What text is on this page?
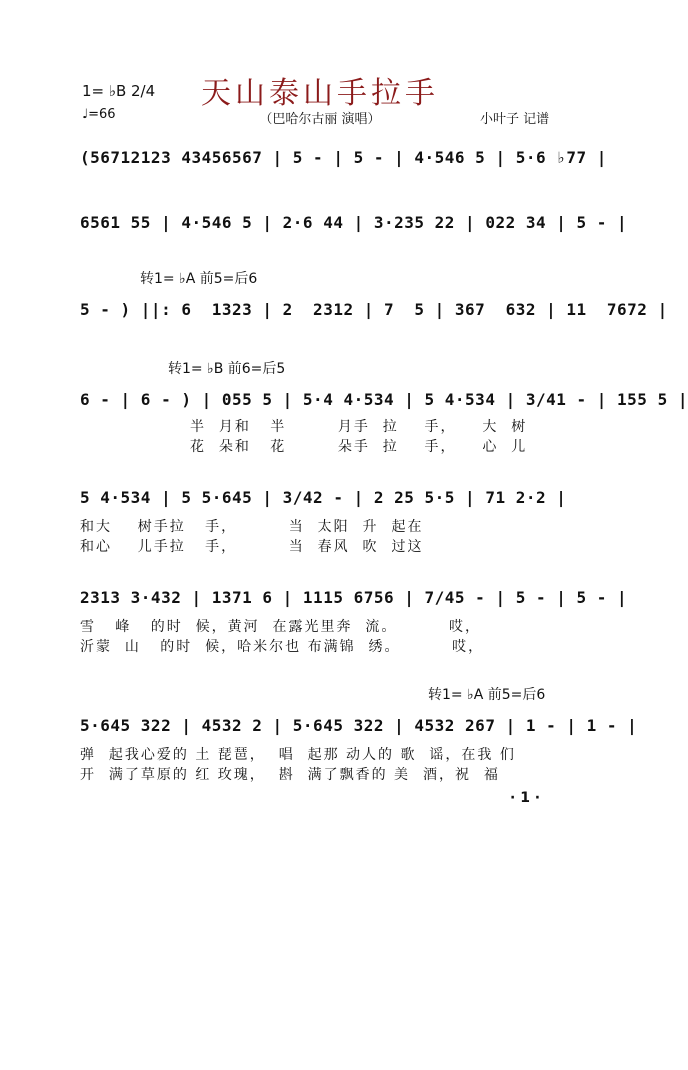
1= ♭B 2/4
♩=66
天山泰山手拉手
（巴哈尔古丽 演唱）	小叶子 记谱
(56712123 43456567 | 5 - | 5 - | 4·546 5 | 5·6 ♭77 |
6561 55 | 4·546 5 | 2·6 44 | 3·235 22 | 022 34 | 5 - |
转1= ♭A 前5=后6
5 - ) ||: 6  1323 | 2  2312 | 7  5 | 367  632 | 11  7672 |
转1= ♭B 前6=后5
6 - | 6 - ) | 055 5 | 5·4 4·534 | 5 4·534 | 3/41 - | 155 5 |
半  月和   半        月手  拉    手，    大  树
花  朵和   花        朵手  拉    手，    心  儿
5 4·534 | 5 5·645 | 3/42 - | 2 25 5·5 | 71 2·2 |
和大    树手拉   手，        当  太阳  升  起在
和心    儿手拉   手，        当  春风  吹  过这
2313 3·432 | 1371 6 | 1115 6756 | 7/45 - | 5 - | 5 - |
雪   峰   的时  候，黄河  在露光里奔  流。        哎，
沂蒙  山   的时  候，哈米尔也 布满锦  绣。        哎，
转1= ♭A 前5=后6
5·645 322 | 4532 2 | 5·645 322 | 4532 267 | 1 - | 1 - |
弹  起我心爱的 土 琵琶，  唱  起那 动人的 歌  谣，在我 们
开  满了草原的 红 玫瑰，  斟  满了飘香的 美  酒，祝  福
· 1 ·
